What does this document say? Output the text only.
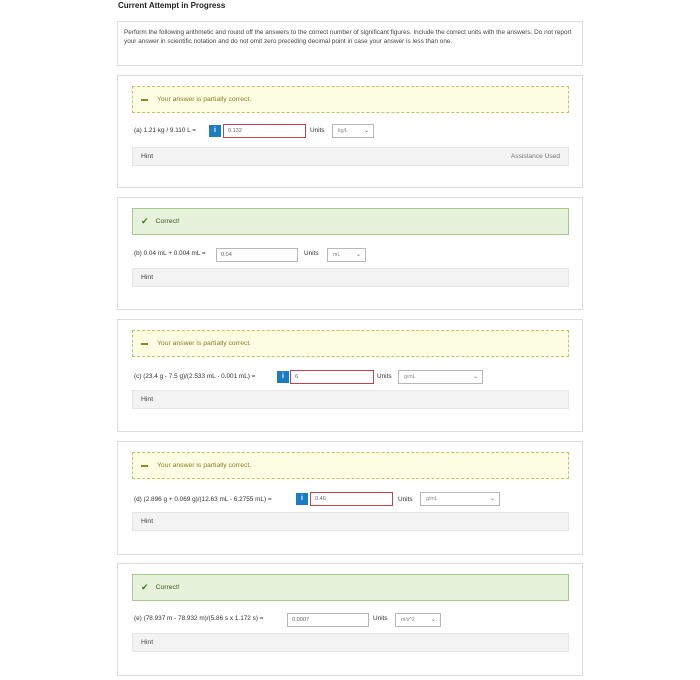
Current Attempt in Progress
Perform the following arithmetic and round off the answers to the correct number of significant figures. Include the correct units with the answers. Do not report your answer in scientific notation and do not omit zero preceding decimal point in case your answer is less than one.
Your answer is partially correct.
(a) 1.21 kg / 9.110 L =	i	0.132	Units	kg/L	⌄
Hint	Assistance Used
✔ Correct!
(b) 0.04 mL + 0.004 mL =	0.04	Units	mL	⌄
Hint
Your answer is partially correct.
(c) (23.4 g - 7.5 g)/(2.533 mL - 0.001 mL) =	i	6	Units	g/mL	⌄
Hint
Your answer is partially correct.
(d) (2.896 g + 0.069 g)/(12.63 mL - 6.2755 mL) =	i	0.46	Units	g/mL	⌄
Hint
✔ Correct!
(e) (78.937 m - 78.932 m)/(5.86 s x 1.172 s) =	0.0007	Units	m/s^2	⌄
Hint
